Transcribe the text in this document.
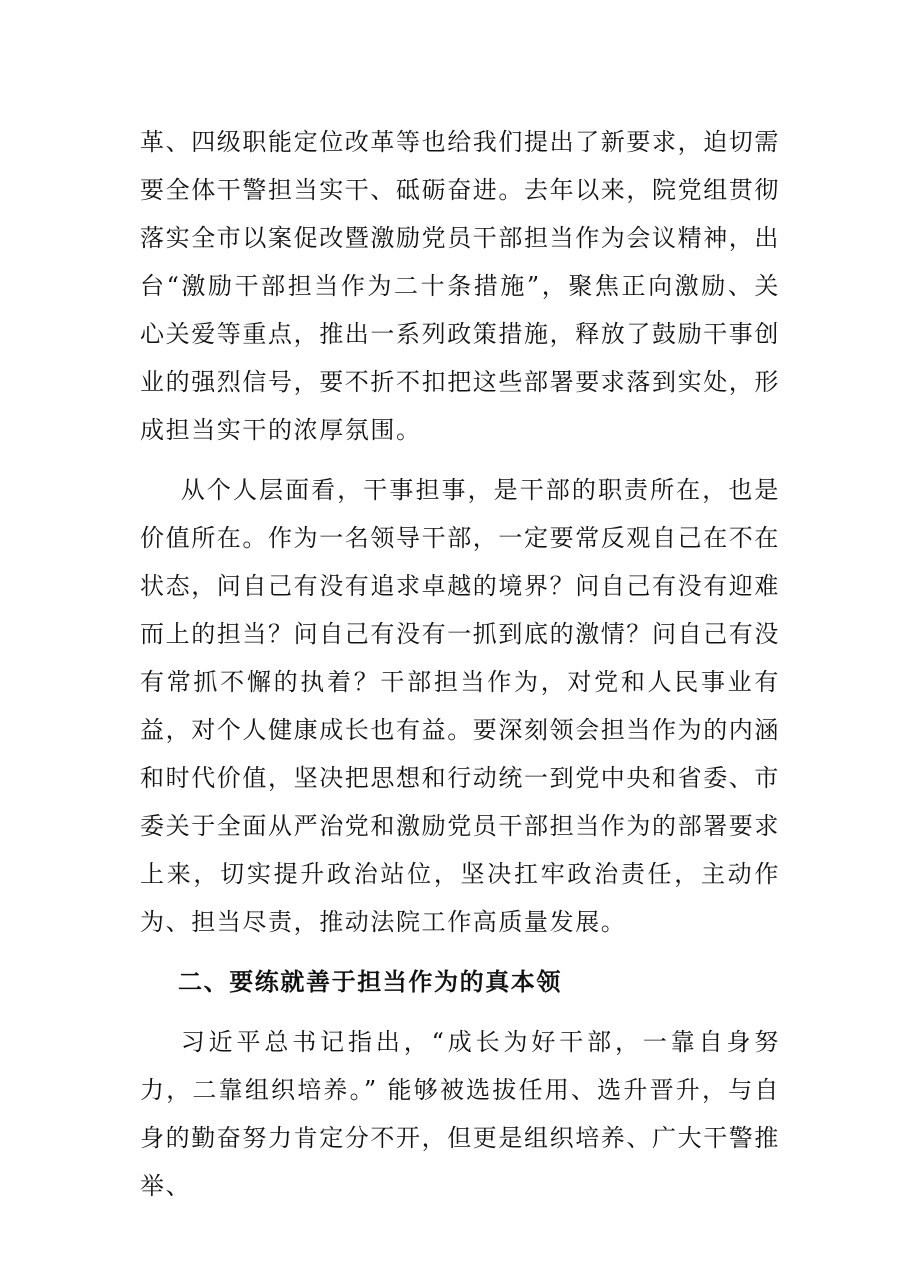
革、四级职能定位改革等也给我们提出了新要求，迫切需要全体干警担当实干、砥砺奋进。去年以来，院党组贯彻落实全市以案促改暨激励党员干部担当作为会议精神，出台“激励干部担当作为二十条措施”，聚焦正向激励、关心关爱等重点，推出一系列政策措施，释放了鼓励干事创业的强烈信号，要不折不扣把这些部署要求落到实处，形成担当实干的浓厚氛围。

从个人层面看，干事担事，是干部的职责所在，也是价值所在。作为一名领导干部，一定要常反观自己在不在状态，问自己有没有追求卓越的境界？问自己有没有迎难而上的担当？问自己有没有一抓到底的激情？问自己有没有常抓不懈的执着？干部担当作为，对党和人民事业有益，对个人健康成长也有益。要深刻领会担当作为的内涵和时代价值，坚决把思想和行动统一到党中央和省委、市委关于全面从严治党和激励党员干部担当作为的部署要求上来，切实提升政治站位，坚决扛牢政治责任，主动作为、担当尽责，推动法院工作高质量发展。

二、要练就善于担当作为的真本领

习近平总书记指出，“成长为好干部，一靠自身努力，二靠组织培养。” 能够被选拔任用、选升晋升，与自身的勤奋努力肯定分不开，但更是组织培养、广大干警推举、
